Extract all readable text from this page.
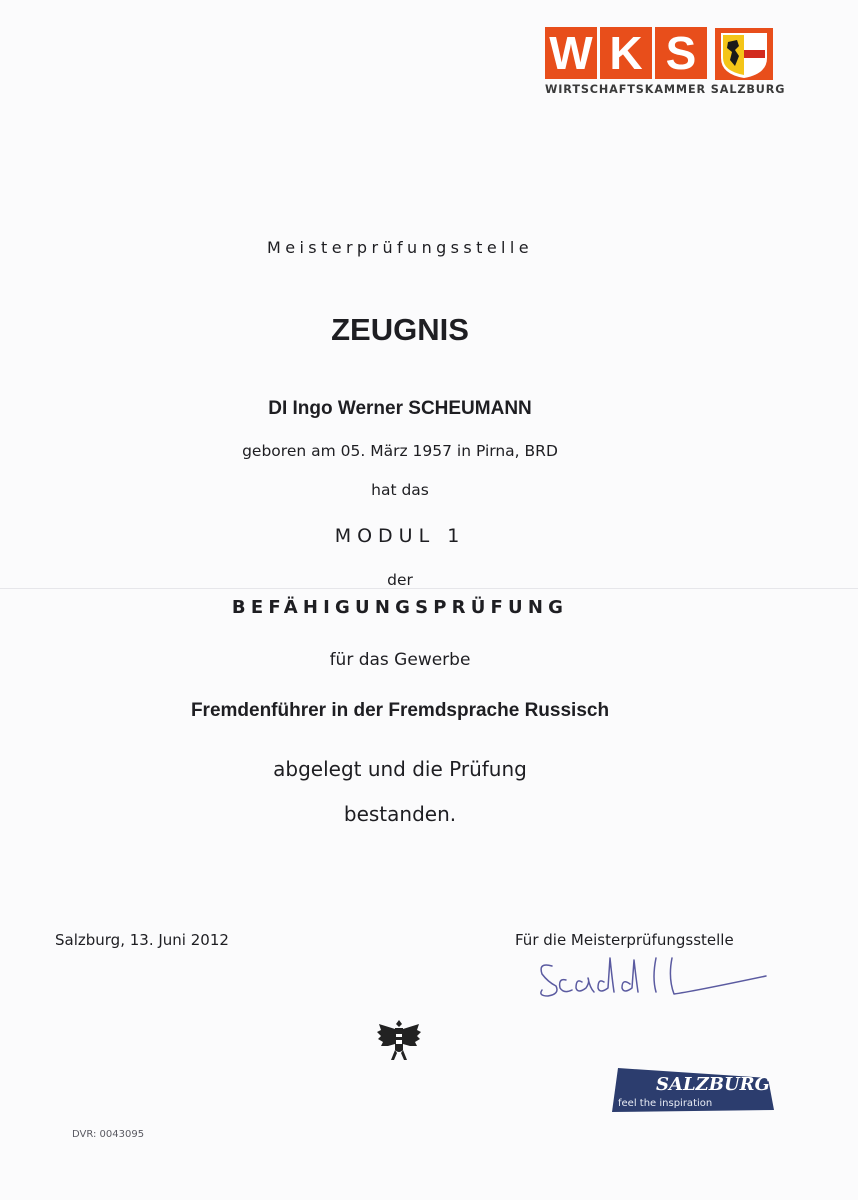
W K S
WIRTSCHAFTSKAMMER SALZBURG
Meisterprüfungsstelle
ZEUGNIS
DI Ingo Werner SCHEUMANN
geboren am 05. März 1957 in Pirna, BRD
hat das
MODUL 1
der
BEFÄHIGUNGSPRÜFUNG
für das Gewerbe
Fremdenführer in der Fremdsprache Russisch
abgelegt und die Prüfung
bestanden.
Salzburg, 13. Juni 2012	Für die Meisterprüfungsstelle
SALZBURG
feel the inspiration
DVR: 0043095
